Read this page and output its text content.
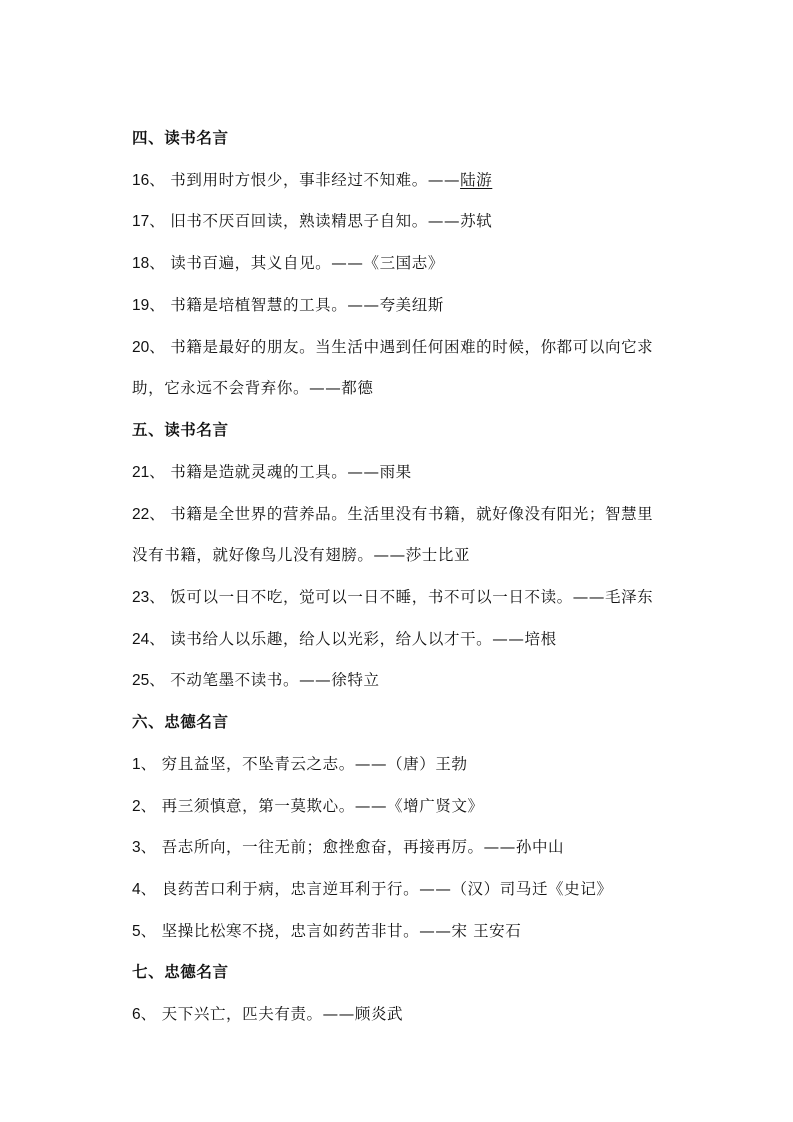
四、读书名言
16、 书到用时方恨少，事非经过不知难。——陆游
17、 旧书不厌百回读，熟读精思子自知。——苏轼
18、 读书百遍，其义自见。——《三国志》
19、 书籍是培植智慧的工具。——夸美纽斯
20、 书籍是最好的朋友。当生活中遇到任何困难的时候，你都可以向它求
助，它永远不会背弃你。——都德
五、读书名言
21、 书籍是造就灵魂的工具。——雨果
22、 书籍是全世界的营养品。生活里没有书籍，就好像没有阳光；智慧里
没有书籍，就好像鸟儿没有翅膀。——莎士比亚
23、 饭可以一日不吃，觉可以一日不睡，书不可以一日不读。——毛泽东
24、 读书给人以乐趣，给人以光彩，给人以才干。——培根
25、 不动笔墨不读书。——徐特立
六、忠德名言
1、 穷且益坚，不坠青云之志。——（唐）王勃
2、 再三须慎意，第一莫欺心。——《增广贤文》
3、 吾志所向，一往无前；愈挫愈奋，再接再厉。——孙中山
4、 良药苦口利于病，忠言逆耳利于行。——（汉）司马迁《史记》
5、 坚操比松寒不挠，忠言如药苦非甘。——宋 王安石
七、忠德名言
6、 天下兴亡，匹夫有责。——顾炎武
